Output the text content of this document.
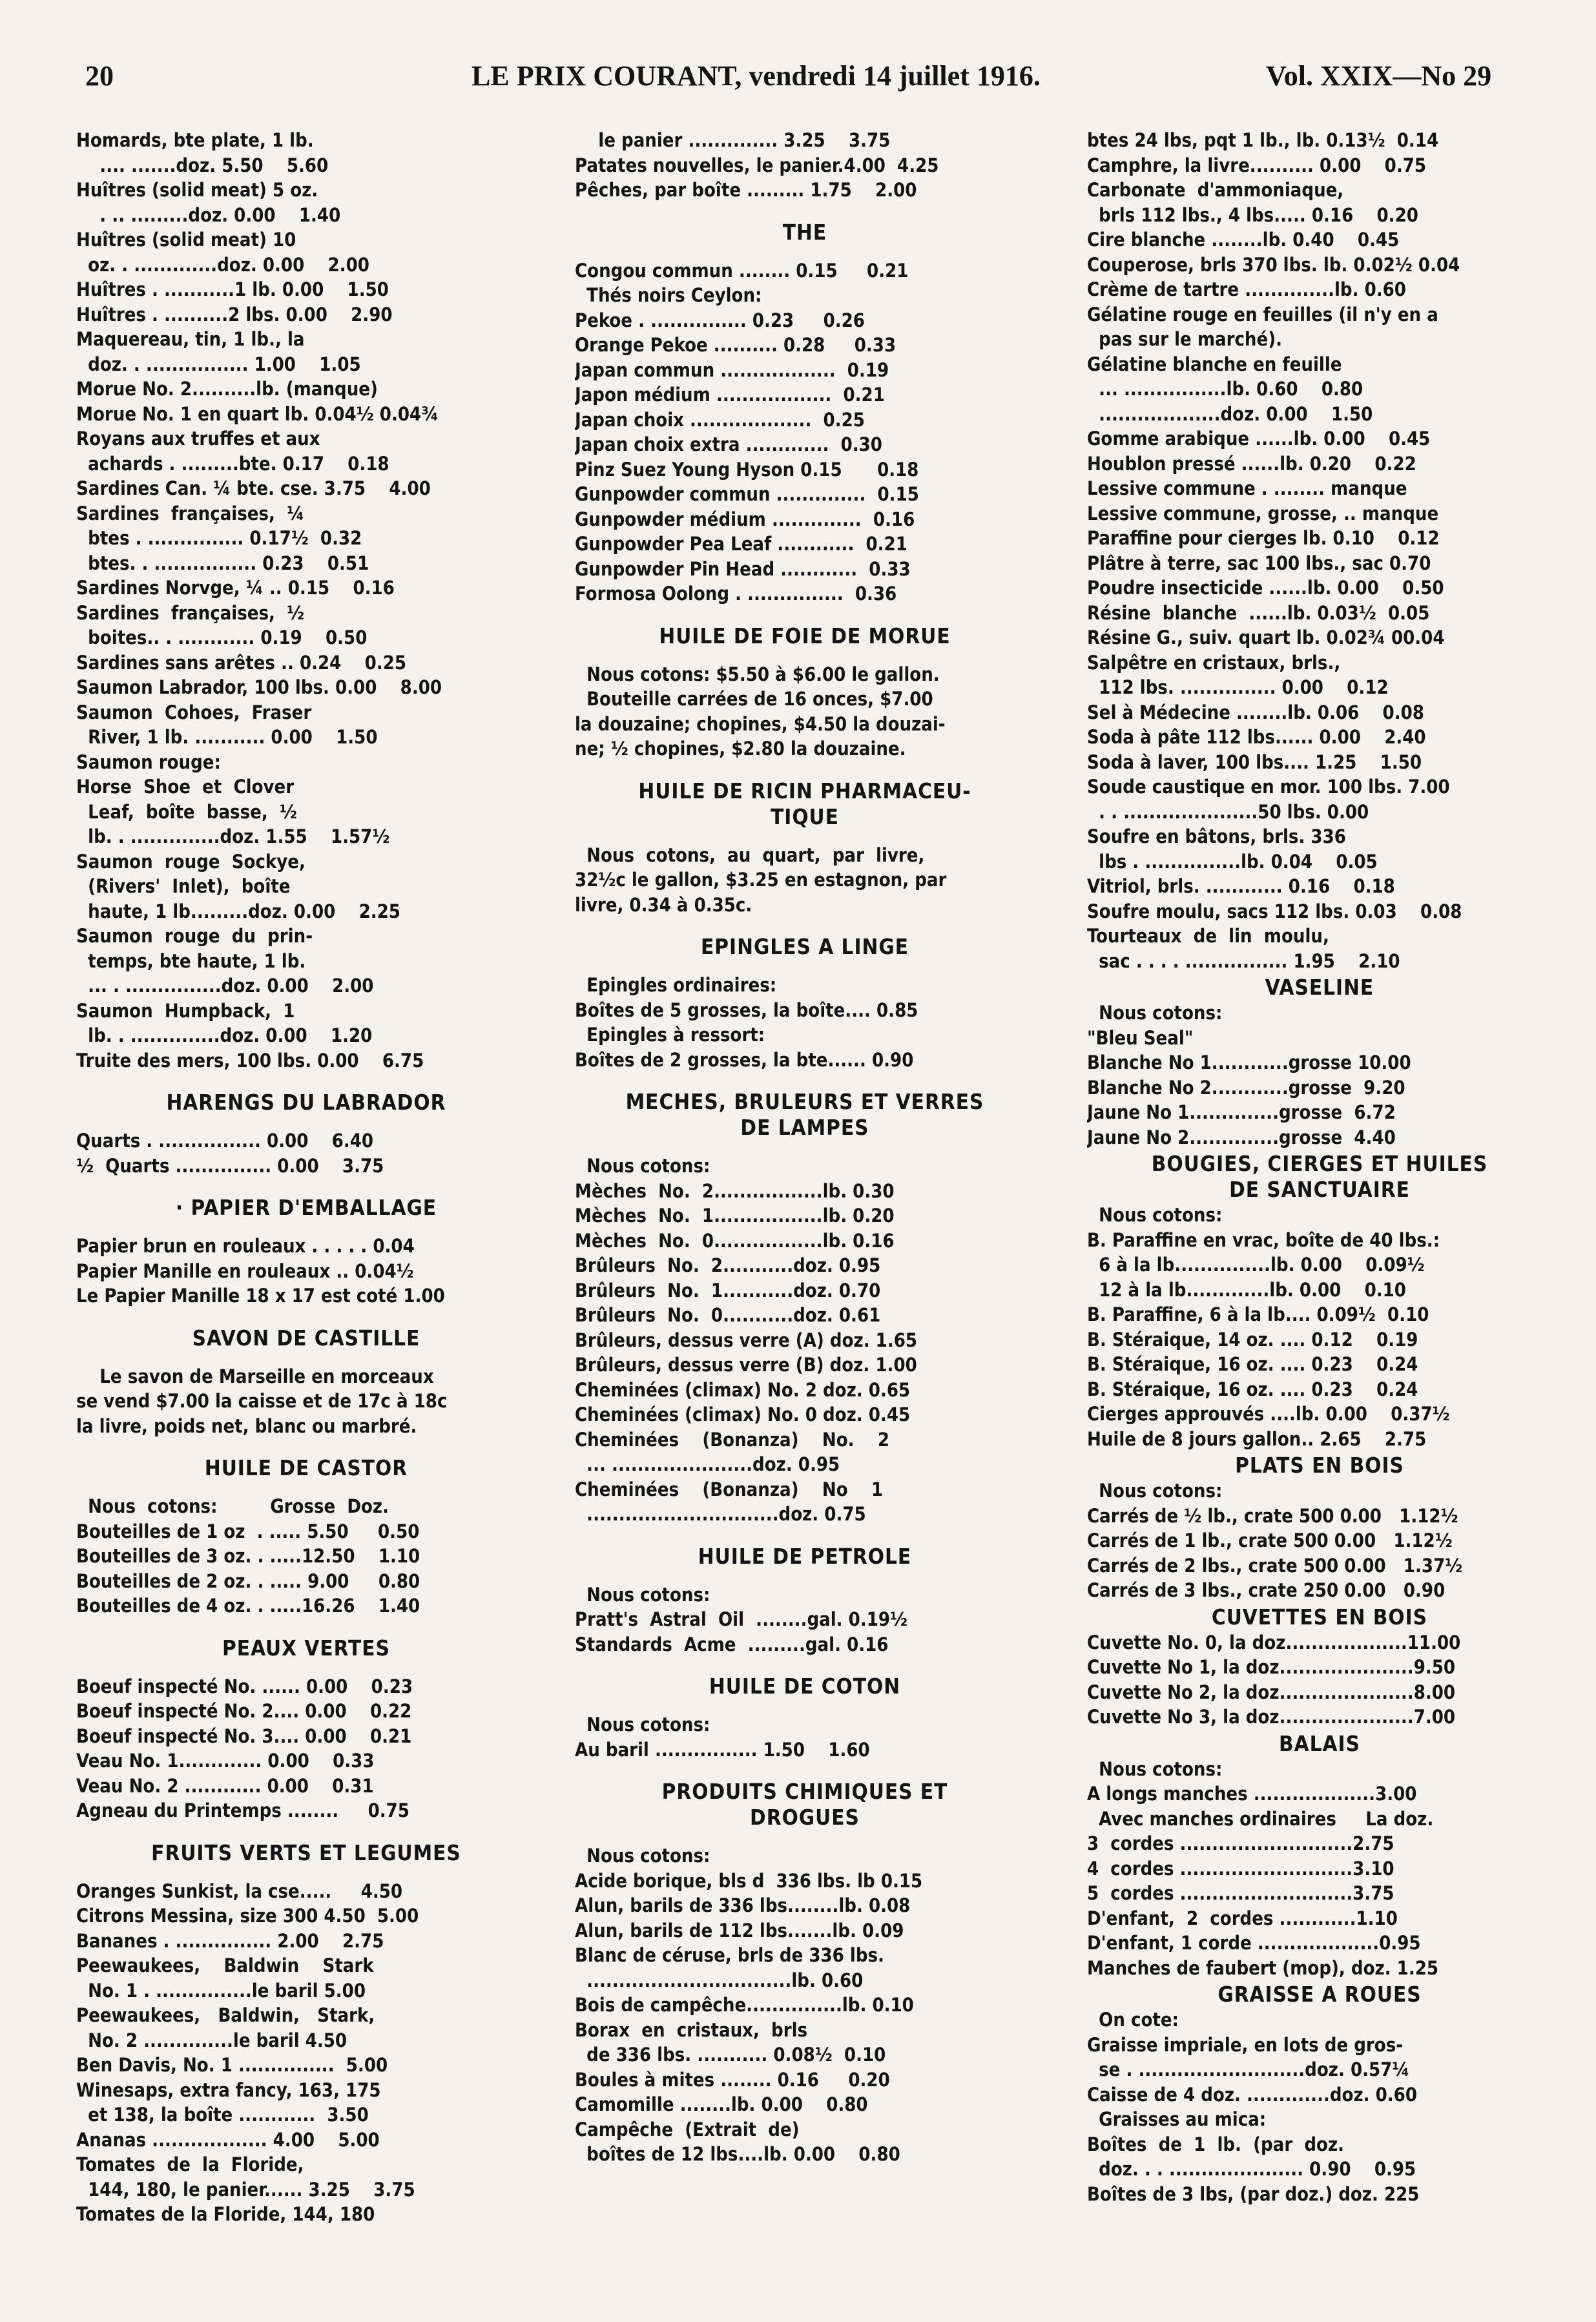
20	LE PRIX COURANT, vendredi 14 juillet 1916.	Vol. XXIX—No 29
Homards, bte plate, 1 lb.
.... .......doz. 5.50    5.60
Huîtres (solid meat) 5 oz.
. .. .........doz. 0.00    1.40
Huîtres (solid meat) 10
oz. . .............doz. 0.00    2.00
Huîtres . ...........1 lb. 0.00    1.50
Huîtres . ..........2 lbs. 0.00    2.90
Maquereau, tin, 1 lb., la
doz. . ................ 1.00    1.05
Morue No. 2..........lb. (manque)
Morue No. 1 en quart lb. 0.04½ 0.04¾
Royans aux truffes et aux
achards . .........bte. 0.17    0.18
Sardines Can. ¼ bte. cse. 3.75    4.00
Sardines  françaises,  ¼
btes . ............... 0.17½  0.32
btes. . ................ 0.23    0.51
Sardines Norvge, ¼ .. 0.15    0.16
Sardines  françaises,  ½
boites.. . ............ 0.19    0.50
Sardines sans arêtes .. 0.24    0.25
Saumon Labrador, 100 lbs. 0.00    8.00
Saumon  Cohoes,  Fraser
River, 1 lb. ........... 0.00    1.50
Saumon rouge:
Horse  Shoe  et  Clover
Leaf,  boîte  basse,  ½
lb. . ..............doz. 1.55    1.57½
Saumon  rouge  Sockye,
(Rivers'  Inlet),  boîte
haute, 1 lb.........doz. 0.00    2.25
Saumon  rouge  du  prin-
temps, bte haute, 1 lb.
... . ...............doz. 0.00    2.00
Saumon  Humpback,  1
lb. . ..............doz. 0.00    1.20
Truite des mers, 100 lbs. 0.00    6.75
HARENGS DU LABRADOR
Quarts . ................ 0.00    6.40
½  Quarts ............... 0.00    3.75
· PAPIER D'EMBALLAGE
Papier brun en rouleaux . . . . . 0.04
Papier Manille en rouleaux .. 0.04½
Le Papier Manille 18 x 17 est coté 1.00
SAVON DE CASTILLE
Le savon de Marseille en morceaux
se vend $7.00 la caisse et de 17c à 18c
la livre, poids net, blanc ou marbré.
HUILE DE CASTOR
Nous  cotons:         Grosse  Doz.
Bouteilles de 1 oz  . ..... 5.50     0.50
Bouteilles de 3 oz. . .....12.50    1.10
Bouteilles de 2 oz. . ..... 9.00     0.80
Bouteilles de 4 oz. . .....16.26    1.40
PEAUX VERTES
Boeuf inspecté No. ...... 0.00    0.23
Boeuf inspecté No. 2.... 0.00    0.22
Boeuf inspecté No. 3.... 0.00    0.21
Veau No. 1............. 0.00    0.33
Veau No. 2 ............ 0.00    0.31
Agneau du Printemps ........     0.75
FRUITS VERTS ET LEGUMES
Oranges Sunkist, la cse.....     4.50
Citrons Messina, size 300 4.50  5.00
Bananes . ............... 2.00    2.75
Peewaukees,    Baldwin    Stark
No. 1 . ...............le baril 5.00
Peewaukees,   Baldwin,   Stark,
No. 2 ..............le baril 4.50
Ben Davis, No. 1 ...............  5.00
Winesaps, extra fancy, 163, 175
et 138, la boîte ............  3.50
Ananas .................. 4.00    5.00
Tomates  de  la  Floride,
144, 180, le panier...... 3.25    3.75
Tomates de la Floride, 144, 180
le panier .............. 3.25    3.75
Patates nouvelles, le panier.4.00  4.25
Pêches, par boîte ......... 1.75    2.00
THE
Congou commun ........ 0.15     0.21
Thés noirs Ceylon:
Pekoe . ............... 0.23     0.26
Orange Pekoe .......... 0.28     0.33
Japan commun ..................  0.19
Japon médium ..................  0.21
Japan choix ...................  0.25
Japan choix extra .............  0.30
Pinz Suez Young Hyson 0.15      0.18
Gunpowder commun ..............  0.15
Gunpowder médium ..............  0.16
Gunpowder Pea Leaf ............  0.21
Gunpowder Pin Head ............  0.33
Formosa Oolong . ...............  0.36
HUILE DE FOIE DE MORUE
Nous cotons: $5.50 à $6.00 le gallon.
Bouteille carrées de 16 onces, $7.00
la douzaine; chopines, $4.50 la douzai-
ne; ½ chopines, $2.80 la douzaine.
HUILE DE RICIN PHARMACEU-
TIQUE
Nous  cotons,  au  quart,  par  livre,
32½c le gallon, $3.25 en estagnon, par
livre, 0.34 à 0.35c.
EPINGLES A LINGE
Epingles ordinaires:
Boîtes de 5 grosses, la boîte.... 0.85
Epingles à ressort:
Boîtes de 2 grosses, la bte...... 0.90
MECHES, BRULEURS ET VERRES
DE LAMPES
Nous cotons:
Mèches  No.  2.................lb. 0.30
Mèches  No.  1.................lb. 0.20
Mèches  No.  0.................lb. 0.16
Brûleurs  No.  2...........doz. 0.95
Brûleurs  No.  1...........doz. 0.70
Brûleurs  No.  0...........doz. 0.61
Brûleurs, dessus verre (A) doz. 1.65
Brûleurs, dessus verre (B) doz. 1.00
Cheminées (climax) No. 2 doz. 0.65
Cheminées (climax) No. 0 doz. 0.45
Cheminées    (Bonanza)    No.    2
... ......................doz. 0.95
Cheminées    (Bonanza)    No    1
..............................doz. 0.75
HUILE DE PETROLE
Nous cotons:
Pratt's  Astral  Oil  ........gal. 0.19½
Standards  Acme  .........gal. 0.16
HUILE DE COTON
Nous cotons:
Au baril ................ 1.50    1.60
PRODUITS CHIMIQUES ET
DROGUES
Nous cotons:
Acide borique, bls d  336 lbs. lb 0.15
Alun, barils de 336 lbs........lb. 0.08
Alun, barils de 112 lbs.......lb. 0.09
Blanc de céruse, brls de 336 lbs.
................................lb. 0.60
Bois de campêche...............lb. 0.10
Borax  en  cristaux,  brls
de 336 lbs. ........... 0.08½  0.10
Boules à mites ........ 0.16     0.20
Camomille ........lb. 0.00    0.80
Campêche  (Extrait  de)
boîtes de 12 lbs....lb. 0.00    0.80
btes 24 lbs, pqt 1 lb., lb. 0.13½  0.14
Camphre, la livre.......... 0.00    0.75
Carbonate  d'ammoniaque,
brls 112 lbs., 4 lbs..... 0.16    0.20
Cire blanche ........lb. 0.40    0.45
Couperose, brls 370 lbs. lb. 0.02½ 0.04
Crème de tartre ..............lb. 0.60
Gélatine rouge en feuilles (il n'y en a
pas sur le marché).
Gélatine blanche en feuille
... ................lb. 0.60    0.80
...................doz. 0.00    1.50
Gomme arabique ......lb. 0.00    0.45
Houblon pressé ......lb. 0.20    0.22
Lessive commune . ........ manque
Lessive commune, grosse, .. manque
Paraffine pour cierges lb. 0.10    0.12
Plâtre à terre, sac 100 lbs., sac 0.70
Poudre insecticide ......lb. 0.00    0.50
Résine  blanche  ......lb. 0.03½  0.05
Résine G., suiv. quart lb. 0.02¾ 00.04
Salpêtre en cristaux, brls.,
112 lbs. ............... 0.00    0.12
Sel à Médecine ........lb. 0.06    0.08
Soda à pâte 112 lbs...... 0.00    2.40
Soda à laver, 100 lbs.... 1.25    1.50
Soude caustique en mor. 100 lbs. 7.00
. . .....................50 lbs. 0.00
Soufre en bâtons, brls. 336
lbs . ...............lb. 0.04    0.05
Vitriol, brls. ............ 0.16    0.18
Soufre moulu, sacs 112 lbs. 0.03    0.08
Tourteaux  de  lin  moulu,
sac . . . . ................ 1.95    2.10
VASELINE
Nous cotons:
"Bleu Seal"
Blanche No 1............grosse 10.00
Blanche No 2............grosse  9.20
Jaune No 1..............grosse  6.72
Jaune No 2..............grosse  4.40
BOUGIES, CIERGES ET HUILES
DE SANCTUAIRE
Nous cotons:
B. Paraffine en vrac, boîte de 40 lbs.:
6 à la lb...............lb. 0.00    0.09½
12 à la lb.............lb. 0.00    0.10
B. Paraffine, 6 à la lb.... 0.09½  0.10
B. Stéraique, 14 oz. .... 0.12    0.19
B. Stéraique, 16 oz. .... 0.23    0.24
B. Stéraique, 16 oz. .... 0.23    0.24
Cierges approuvés ....lb. 0.00    0.37½
Huile de 8 jours gallon.. 2.65    2.75
PLATS EN BOIS
Nous cotons:
Carrés de ½ lb., crate 500 0.00   1.12½
Carrés de 1 lb., crate 500 0.00   1.12½
Carrés de 2 lbs., crate 500 0.00   1.37½
Carrés de 3 lbs., crate 250 0.00   0.90
CUVETTES EN BOIS
Cuvette No. 0, la doz...................11.00
Cuvette No 1, la doz.....................9.50
Cuvette No 2, la doz.....................8.00
Cuvette No 3, la doz.....................7.00
BALAIS
Nous cotons:
A longs manches ...................3.00
Avec manches ordinaires     La doz.
3  cordes ...........................2.75
4  cordes ...........................3.10
5  cordes ...........................3.75
D'enfant,  2  cordes ............1.10
D'enfant, 1 corde ...................0.95
Manches de faubert (mop), doz. 1.25
GRAISSE A ROUES
On cote:
Graisse impriale, en lots de gros-
se . ..........................doz. 0.57¼
Caisse de 4 doz. .............doz. 0.60
Graisses au mica:
Boîtes  de  1  lb.  (par  doz.
doz. . . ..................... 0.90    0.95
Boîtes de 3 lbs, (par doz.) doz. 225
